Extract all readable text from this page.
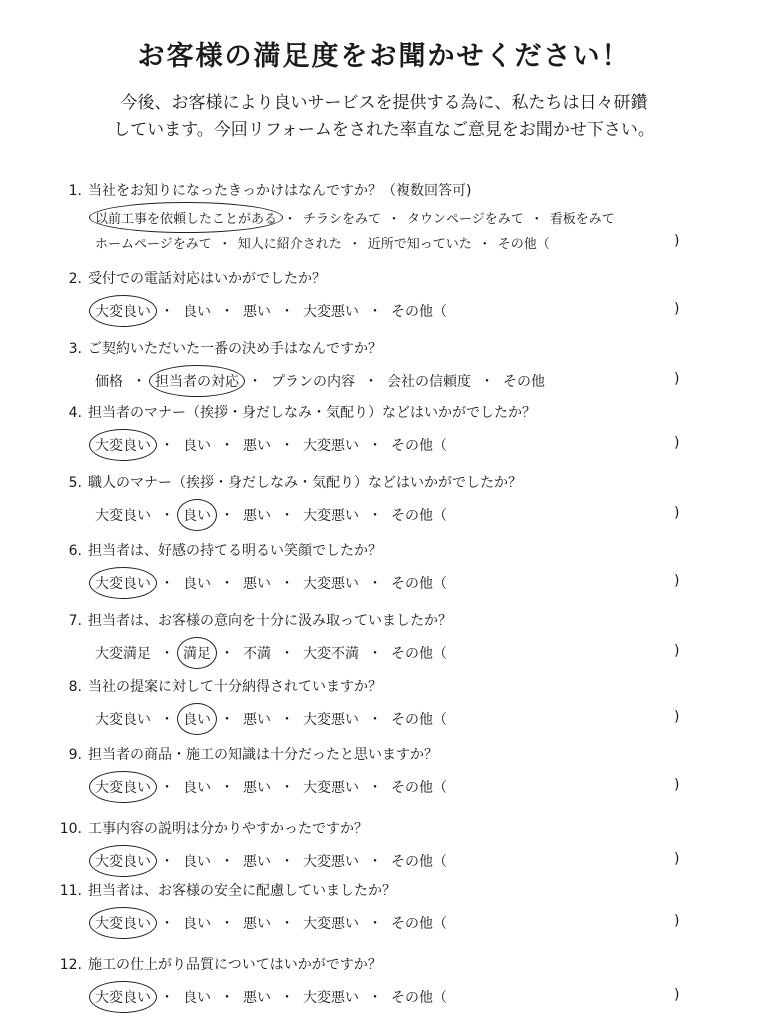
お客様の満足度をお聞かせください！
今後、お客様により良いサービスを提供する為に、私たちは日々研鑽
しています。今回リフォームをされた率直なご意見をお聞かせ下さい。
1. 当社をお知りになったきっかけはなんですか？（複数回答可)
以前工事を依頼したことがある ・ チラシをみて ・ タウンページをみて ・ 看板をみて
ホームページをみて ・ 知人に紹介された ・ 近所で知っていた ・ その他（	)
2. 受付での電話対応はいかがでしたか？
大変良い ・ 良い ・ 悪い ・ 大変悪い ・ その他（	)
3. ご契約いただいた一番の決め手はなんですか？
価格 ・ 担当者の対応 ・ プランの内容 ・ 会社の信頼度 ・ その他	)
4. 担当者のマナー（挨拶・身だしなみ・気配り）などはいかがでしたか？
大変良い ・ 良い ・ 悪い ・ 大変悪い ・ その他（	)
5. 職人のマナー（挨拶・身だしなみ・気配り）などはいかがでしたか？
大変良い ・ 良い ・ 悪い ・ 大変悪い ・ その他（	)
6. 担当者は、好感の持てる明るい笑顔でしたか？
大変良い ・ 良い ・ 悪い ・ 大変悪い ・ その他（	)
7. 担当者は、お客様の意向を十分に汲み取っていましたか？
大変満足 ・ 満足 ・ 不満 ・ 大変不満 ・ その他（	)
8. 当社の提案に対して十分納得されていますか？
大変良い ・ 良い ・ 悪い ・ 大変悪い ・ その他（	)
9. 担当者の商品・施工の知識は十分だったと思いますか？
大変良い ・ 良い ・ 悪い ・ 大変悪い ・ その他（	)
10. 工事内容の説明は分かりやすかったですか？
大変良い ・ 良い ・ 悪い ・ 大変悪い ・ その他（	)
11. 担当者は、お客様の安全に配慮していましたか？
大変良い ・ 良い ・ 悪い ・ 大変悪い ・ その他（	)
12. 施工の仕上がり品質についてはいかがですか？
大変良い ・ 良い ・ 悪い ・ 大変悪い ・ その他（	)
